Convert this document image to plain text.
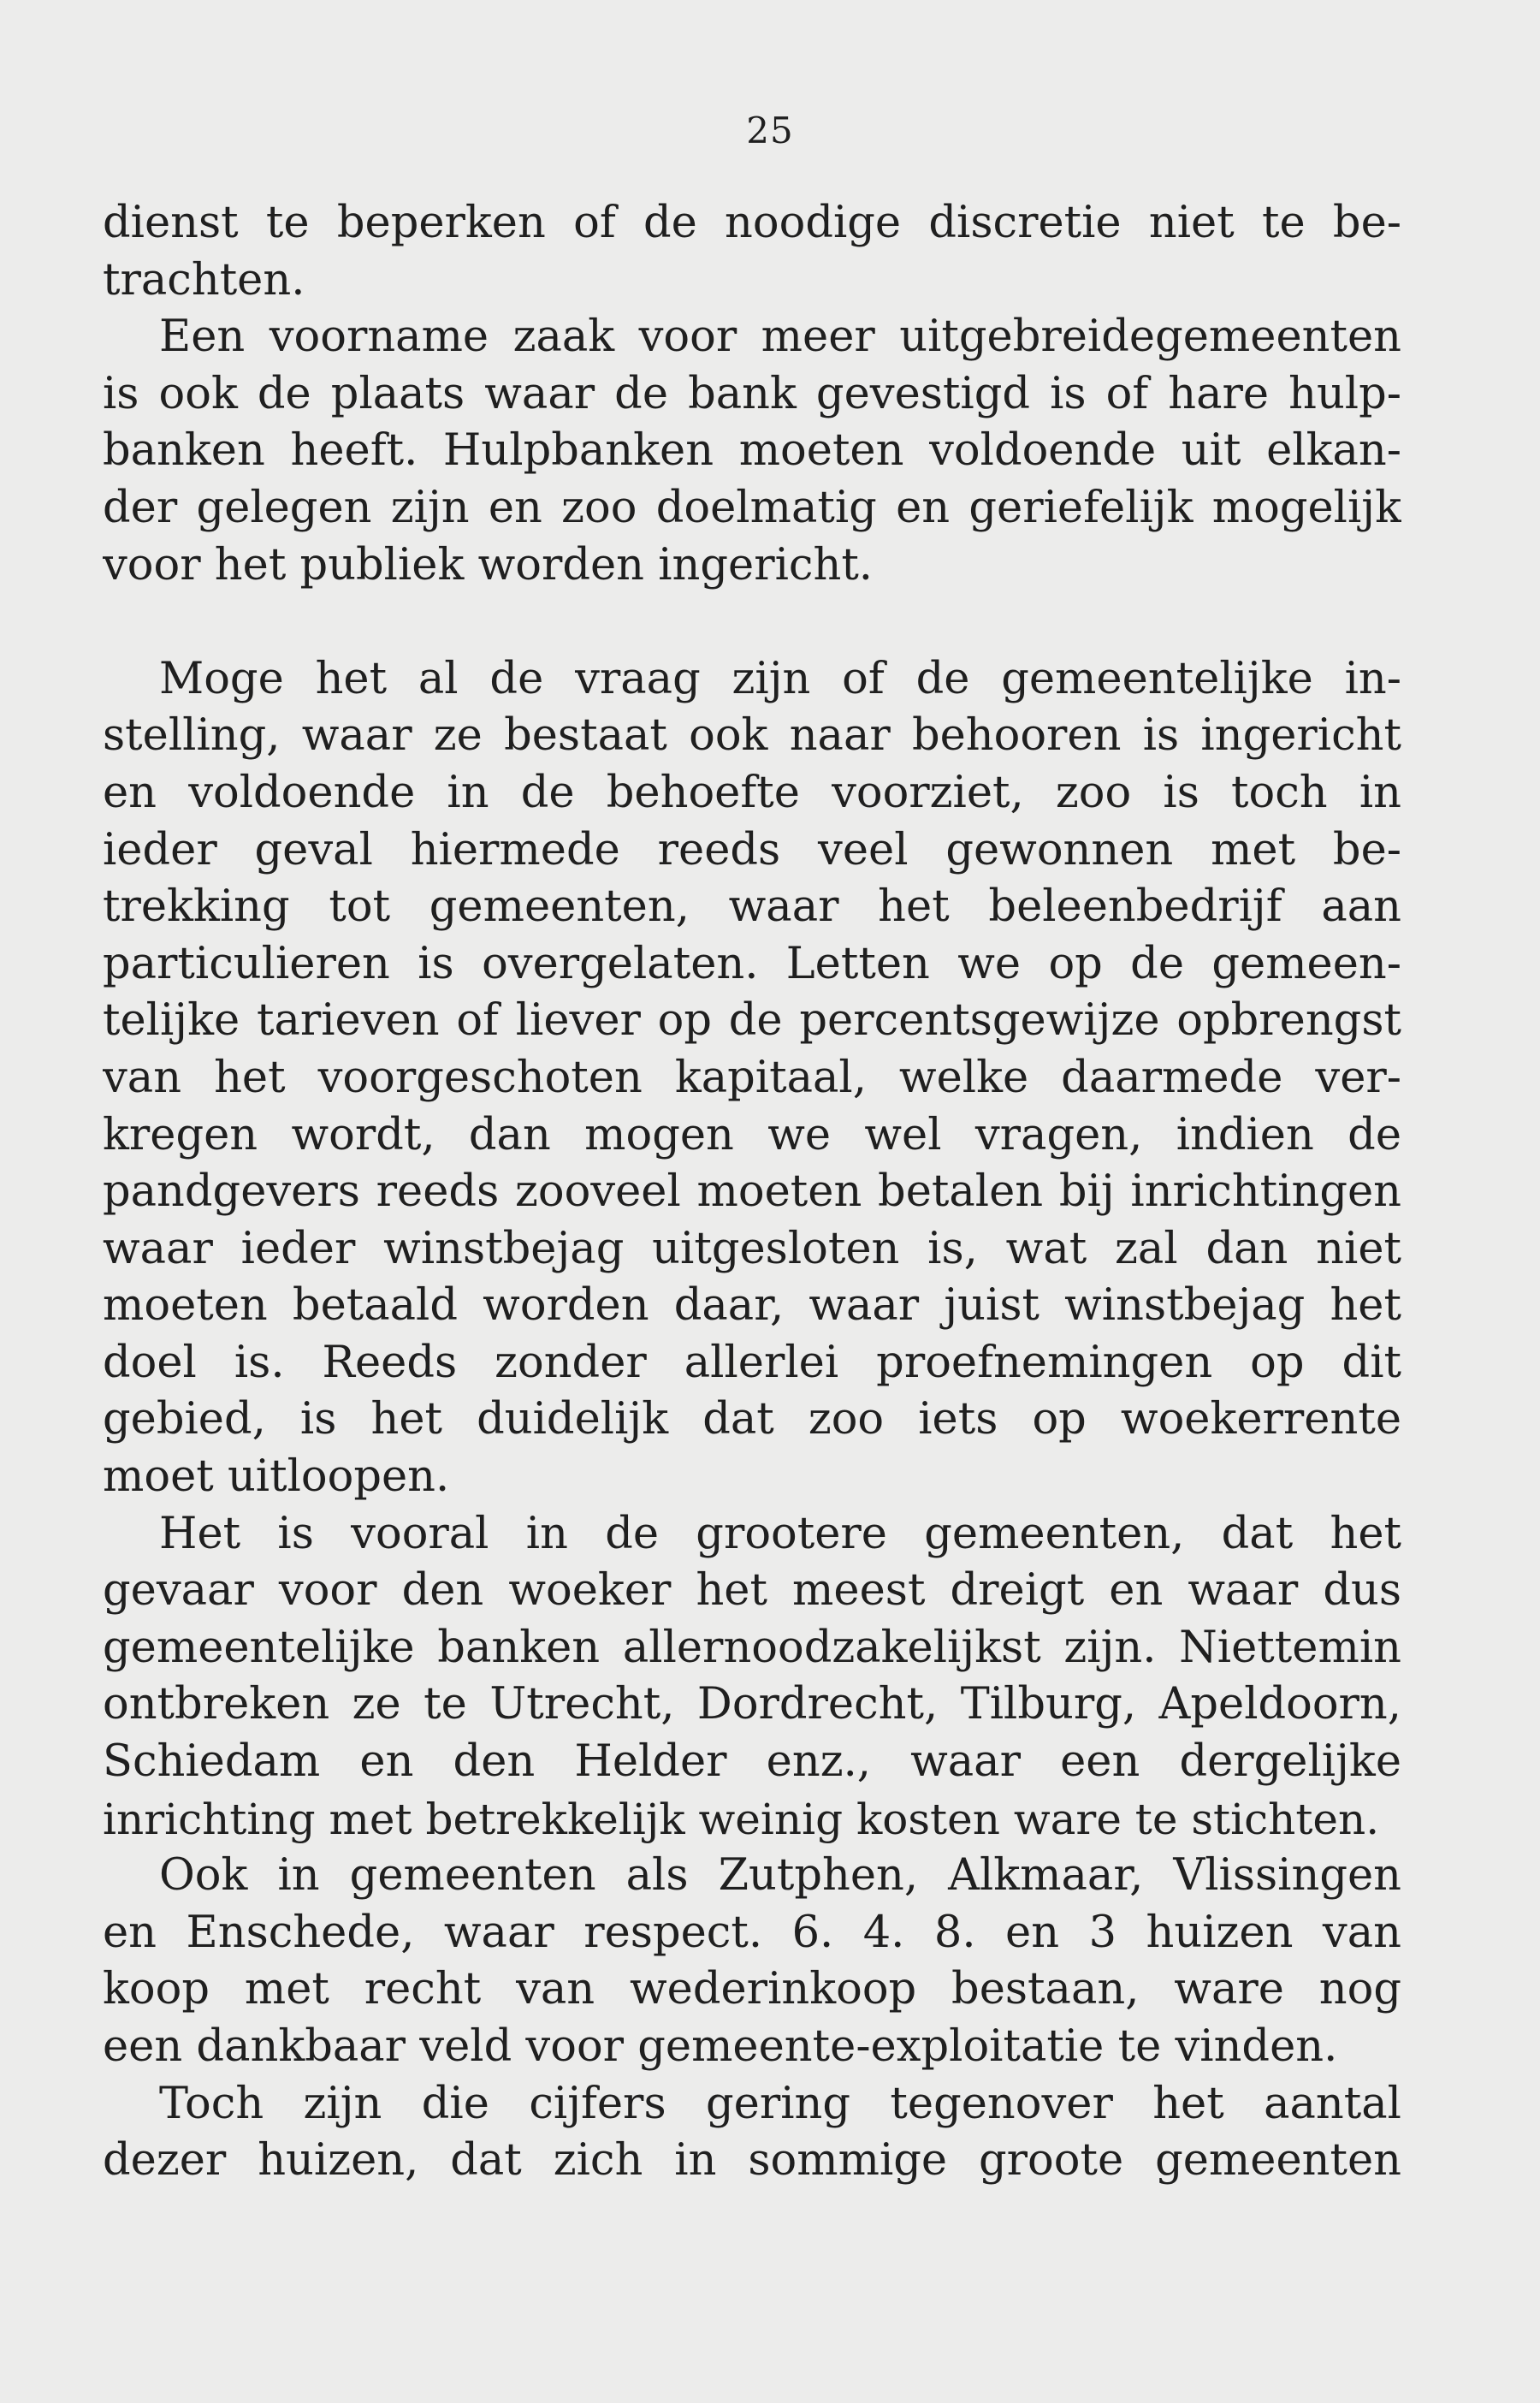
25
dienst te beperken of de noodige discretie niet te be-
trachten.
Een voorname zaak voor meer uitgebreidegemeenten
is ook de plaats waar de bank gevestigd is of hare hulp-
banken heeft. Hulpbanken moeten voldoende uit elkan-
der gelegen zijn en zoo doelmatig en geriefelijk mogelijk
voor het publiek worden ingericht.
Moge het al de vraag zijn of de gemeentelijke in-
stelling, waar ze bestaat ook naar behooren is ingericht
en voldoende in de behoefte voorziet, zoo is toch in
ieder geval hiermede reeds veel gewonnen met be-
trekking tot gemeenten, waar het beleenbedrijf aan
particulieren is overgelaten. Letten we op de gemeen-
telijke tarieven of liever op de percentsgewijze opbrengst
van het voorgeschoten kapitaal, welke daarmede ver-
kregen wordt, dan mogen we wel vragen, indien de
pandgevers reeds zooveel moeten betalen bij inrichtingen
waar ieder winstbejag uitgesloten is, wat zal dan niet
moeten betaald worden daar, waar juist winstbejag het
doel is. Reeds zonder allerlei proefnemingen op dit
gebied, is het duidelijk dat zoo iets op woekerrente
moet uitloopen.
Het is vooral in de grootere gemeenten, dat het
gevaar voor den woeker het meest dreigt en waar dus
gemeentelijke banken allernoodzakelijkst zijn. Niettemin
ontbreken ze te Utrecht, Dordrecht, Tilburg, Apeldoorn,
Schiedam en den Helder enz., waar een dergelijke
inrichting met betrekkelijk weinig kosten ware te stichten.
Ook in gemeenten als Zutphen, Alkmaar, Vlissingen
en Enschede, waar respect. 6. 4. 8. en 3 huizen van
koop met recht van wederinkoop bestaan, ware nog
een dankbaar veld voor gemeente-exploitatie te vinden.
Toch zijn die cijfers gering tegenover het aantal
dezer huizen, dat zich in sommige groote gemeenten
